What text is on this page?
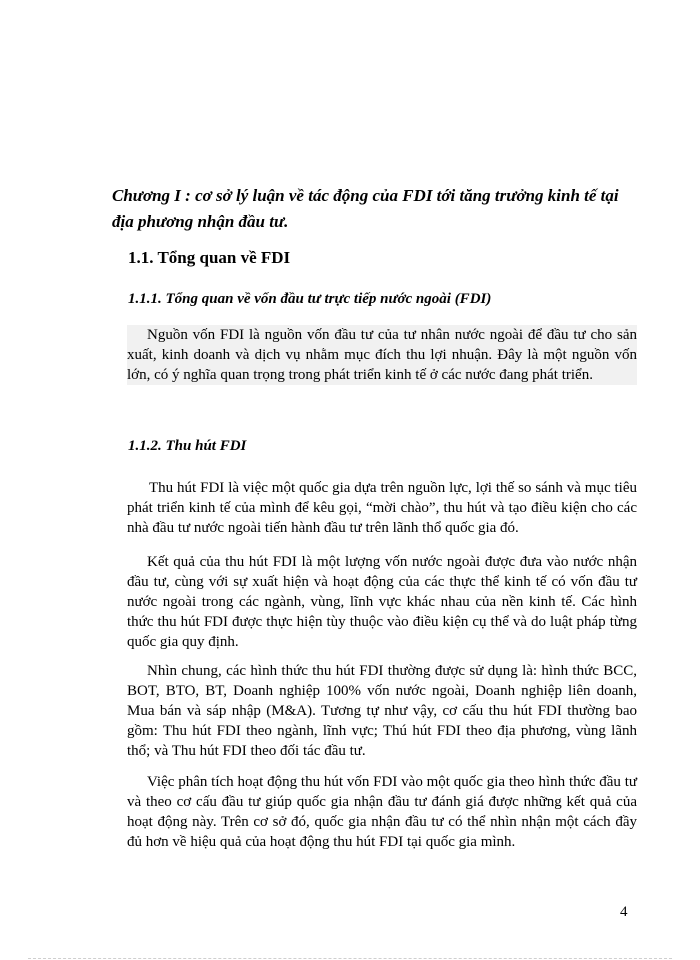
Chương I : cơ sở lý luận về tác động của FDI tới tăng trưởng kinh tế tại địa phương nhận đầu tư.
1.1. Tổng quan về FDI
1.1.1. Tổng quan về vốn đầu tư trực tiếp nước ngoài (FDI)
Nguồn vốn FDI là nguồn vốn đầu tư của tư nhân nước ngoài để đầu tư cho sản xuất, kinh doanh và dịch vụ nhằm mục đích thu lợi nhuận. Đây là một nguồn vốn lớn, có ý nghĩa quan trọng trong phát triển kinh tế ở các nước đang phát triển.
1.1.2. Thu hút FDI
Thu hút FDI là việc một quốc gia dựa trên nguồn lực, lợi thế so sánh và mục tiêu phát triển kinh tế của mình để kêu gọi, “mời chào”, thu hút và tạo điều kiện cho các nhà đầu tư nước ngoài tiến hành đầu tư trên lãnh thổ quốc gia đó.
Kết quả của thu hút FDI là một lượng vốn nước ngoài được đưa vào nước nhận đầu tư, cùng với sự xuất hiện và hoạt động của các thực thể kinh tế có vốn đầu tư nước ngoài trong các ngành, vùng, lĩnh vực khác nhau của nền kinh tế. Các hình thức thu hút FDI được thực hiện tùy thuộc vào điều kiện cụ thể và do luật pháp từng quốc gia quy định.
Nhìn chung, các hình thức thu hút FDI thường được sử dụng là: hình thức BCC, BOT, BTO, BT, Doanh nghiệp 100% vốn nước ngoài, Doanh nghiệp liên doanh, Mua bán và sáp nhập (M&A). Tương tự như vậy, cơ cấu thu hút FDI thường bao gồm: Thu hút FDI theo ngành, lĩnh vực; Thú hút FDI theo địa phương, vùng lãnh thổ; và Thu hút FDI theo đối tác đầu tư.
Việc phân tích hoạt động thu hút vốn FDI vào một quốc gia theo hình thức đầu tư và theo cơ cấu đầu tư giúp quốc gia nhận đầu tư đánh giá được những kết quả của hoạt động này. Trên cơ sở đó, quốc gia nhận đầu tư có thể nhìn nhận một cách đầy đủ hơn về hiệu quả của hoạt động thu hút FDI tại quốc gia mình.
4
